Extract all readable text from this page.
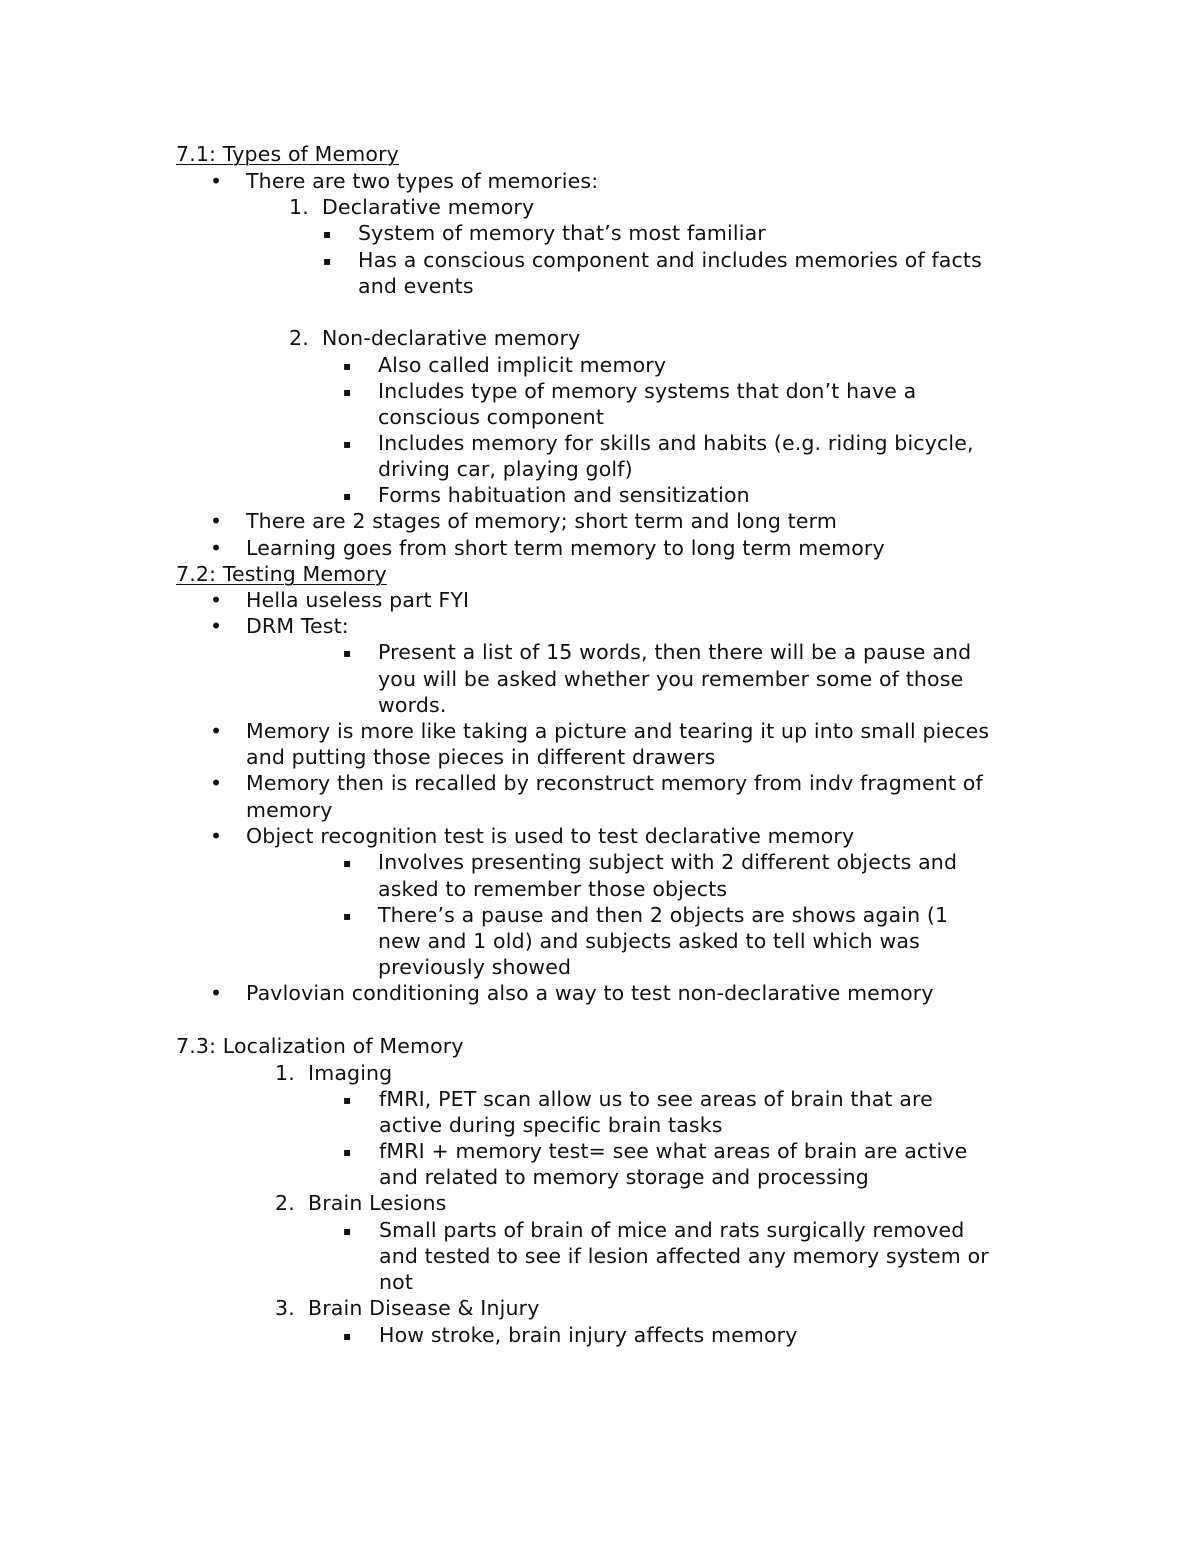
7.1: Types of Memory
• There are two types of memories:
1. Declarative memory
▪ System of memory that’s most familiar
▪ Has a conscious component and includes memories of facts
and events
2. Non-declarative memory
▪ Also called implicit memory
▪ Includes type of memory systems that don’t have a
conscious component
▪ Includes memory for skills and habits (e.g. riding bicycle,
driving car, playing golf)
▪ Forms habituation and sensitization
• There are 2 stages of memory; short term and long term
• Learning goes from short term memory to long term memory
7.2: Testing Memory
• Hella useless part FYI
• DRM Test:
▪ Present a list of 15 words, then there will be a pause and
you will be asked whether you remember some of those
words.
• Memory is more like taking a picture and tearing it up into small pieces
and putting those pieces in different drawers
• Memory then is recalled by reconstruct memory from indv fragment of
memory
• Object recognition test is used to test declarative memory
▪ Involves presenting subject with 2 different objects and
asked to remember those objects
▪ There’s a pause and then 2 objects are shows again (1
new and 1 old) and subjects asked to tell which was
previously showed
• Pavlovian conditioning also a way to test non-declarative memory
7.3: Localization of Memory
1. Imaging
▪ fMRI, PET scan allow us to see areas of brain that are
active during specific brain tasks
▪ fMRI + memory test= see what areas of brain are active
and related to memory storage and processing
2. Brain Lesions
▪ Small parts of brain of mice and rats surgically removed
and tested to see if lesion affected any memory system or
not
3. Brain Disease & Injury
▪ How stroke, brain injury affects memory
